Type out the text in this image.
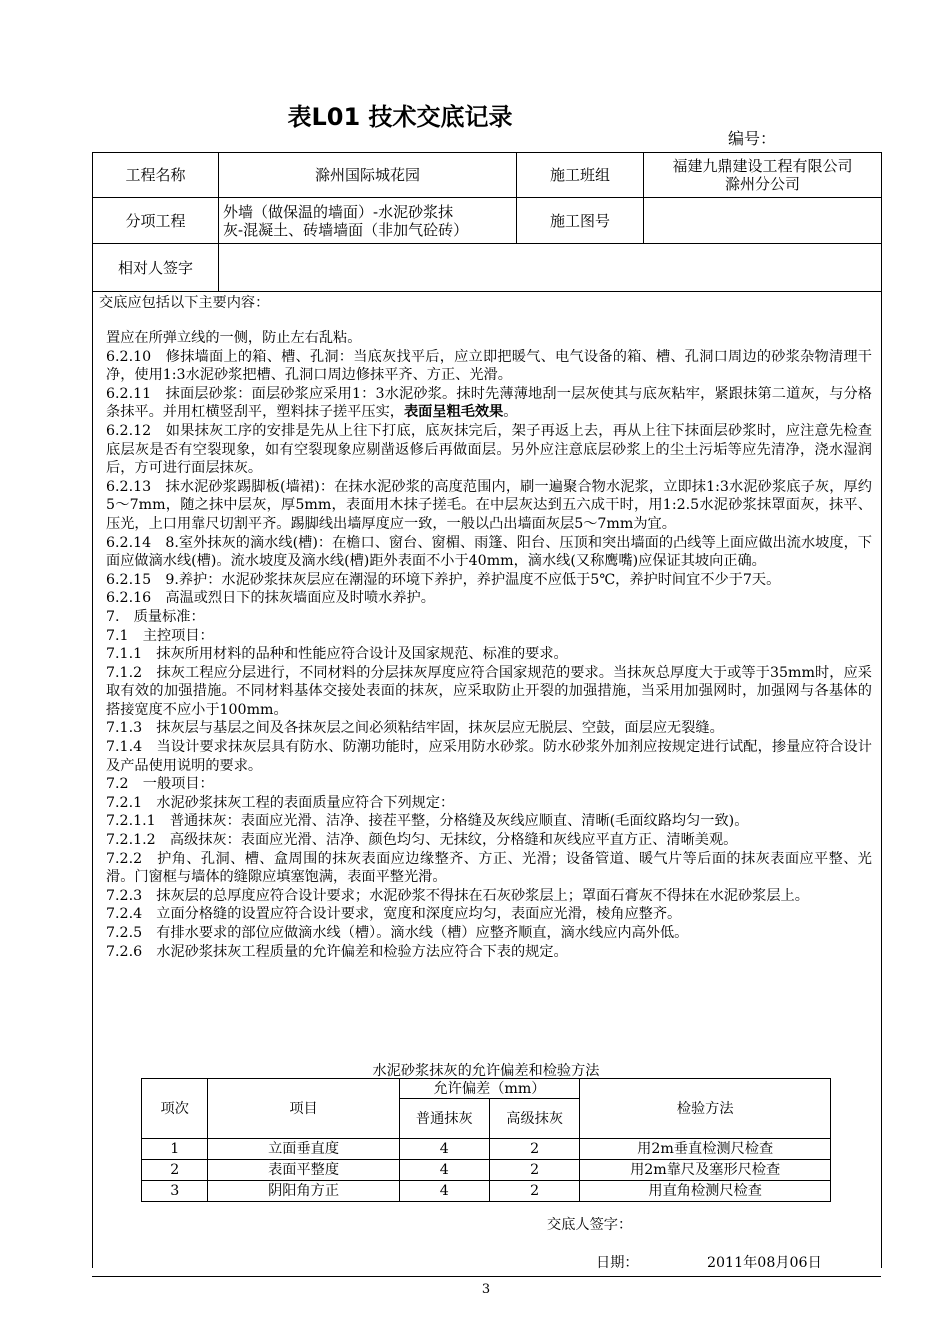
表L01 技术交底记录
编号：
工程名称	滁州国际城花园	施工班组	福建九鼎建设工程有限公司
滁州分公司

分项工程	外墙（做保温的墙面）-水泥砂浆抹
灰-混凝土、砖墙墙面（非加气砼砖）	施工图号	
相对人签字			
交底应包括以下主要内容：

置应在所弹立线的一侧，防止左右乱粘。

6.2.10　修抹墙面上的箱、槽、孔洞：当底灰找平后，应立即把暖气、电气设备的箱、槽、孔洞口周边的砂浆杂物清理干净，使用1:3水泥砂浆把槽、孔洞口周边修抹平齐、方正、光滑。

6.2.11　抹面层砂浆：面层砂浆应采用1：3水泥砂浆。抹时先薄薄地刮一层灰使其与底灰粘牢，紧跟抹第二道灰，与分格条抹平。并用杠横竖刮平，塑料抹子搓平压实，表面呈粗毛效果。

6.2.12　如果抹灰工序的安排是先从上往下打底，底灰抹完后，架子再返上去，再从上往下抹面层砂浆时，应注意先检查底层灰是否有空裂现象，如有空裂现象应剔凿返修后再做面层。另外应注意底层砂浆上的尘土污垢等应先清净，浇水湿润后，方可进行面层抹灰。

6.2.13　抹水泥砂浆踢脚板(墙裙)：在抹水泥砂浆的高度范围内，刷一遍聚合物水泥浆，立即抹1:3水泥砂浆底子灰，厚约5～7mm，随之抹中层灰，厚5mm，表面用木抹子搓毛。在中层灰达到五六成干时，用1:2.5水泥砂浆抹罩面灰，抹平、压光，上口用靠尺切割平齐。踢脚线出墙厚度应一致，一般以凸出墙面灰层5～7mm为宜。

6.2.14　8.室外抹灰的滴水线(槽)：在檐口、窗台、窗楣、雨篷、阳台、压顶和突出墙面的凸线等上面应做出流水坡度，下面应做滴水线(槽)。流水坡度及滴水线(槽)距外表面不小于40mm，滴水线(又称鹰嘴)应保证其坡向正确。

6.2.15　9.养护：水泥砂浆抹灰层应在潮湿的环境下养护，养护温度不应低于5℃，养护时间宜不少于7天。

6.2.16　高温或烈日下的抹灰墙面应及时喷水养护。

7.　质量标准：

7.1　主控项目：

7.1.1　抹灰所用材料的品种和性能应符合设计及国家规范、标准的要求。

7.1.2　抹灰工程应分层进行，不同材料的分层抹灰厚度应符合国家规范的要求。当抹灰总厚度大于或等于35mm时，应采取有效的加强措施。不同材料基体交接处表面的抹灰，应采取防止开裂的加强措施，当采用加强网时，加强网与各基体的搭接宽度不应小于100mm。

7.1.3　抹灰层与基层之间及各抹灰层之间必须粘结牢固，抹灰层应无脱层、空鼓，面层应无裂缝。

7.1.4　当设计要求抹灰层具有防水、防潮功能时，应采用防水砂浆。防水砂浆外加剂应按规定进行试配，掺量应符合设计及产品使用说明的要求。

7.2　一般项目：

7.2.1　水泥砂浆抹灰工程的表面质量应符合下列规定：

7.2.1.1　普通抹灰：表面应光滑、洁净、接茬平整，分格缝及灰线应顺直、清晰(毛面纹路均匀一致)。

7.2.1.2　高级抹灰：表面应光滑、洁净、颜色均匀、无抹纹，分格缝和灰线应平直方正、清晰美观。

7.2.2　护角、孔洞、槽、盒周围的抹灰表面应边缘整齐、方正、光滑；设备管道、暖气片等后面的抹灰表面应平整、光滑。门窗框与墙体的缝隙应填塞饱满，表面平整光滑。

7.2.3　抹灰层的总厚度应符合设计要求；水泥砂浆不得抹在石灰砂浆层上；罩面石膏灰不得抹在水泥砂浆层上。

7.2.4　立面分格缝的设置应符合设计要求，宽度和深度应均匀，表面应光滑，棱角应整齐。

7.2.5　有排水要求的部位应做滴水线（槽）。滴水线（槽）应整齐顺直，滴水线应内高外低。

7.2.6　水泥砂浆抹灰工程质量的允许偏差和检验方法应符合下表的规定。

水泥砂浆抹灰的允许偏差和检验方法
项次	项目	允许偏差（mm）		检验方法
		普通抹灰	高级抹灰	
1	立面垂直度	4	2	用2m垂直检测尺检查
2	表面平整度	4	2	用2m靠尺及塞形尺检查
3	阴阳角方正	4	2	用直角检测尺检查
交底人签字：
日期：	2011年08月06日
3
